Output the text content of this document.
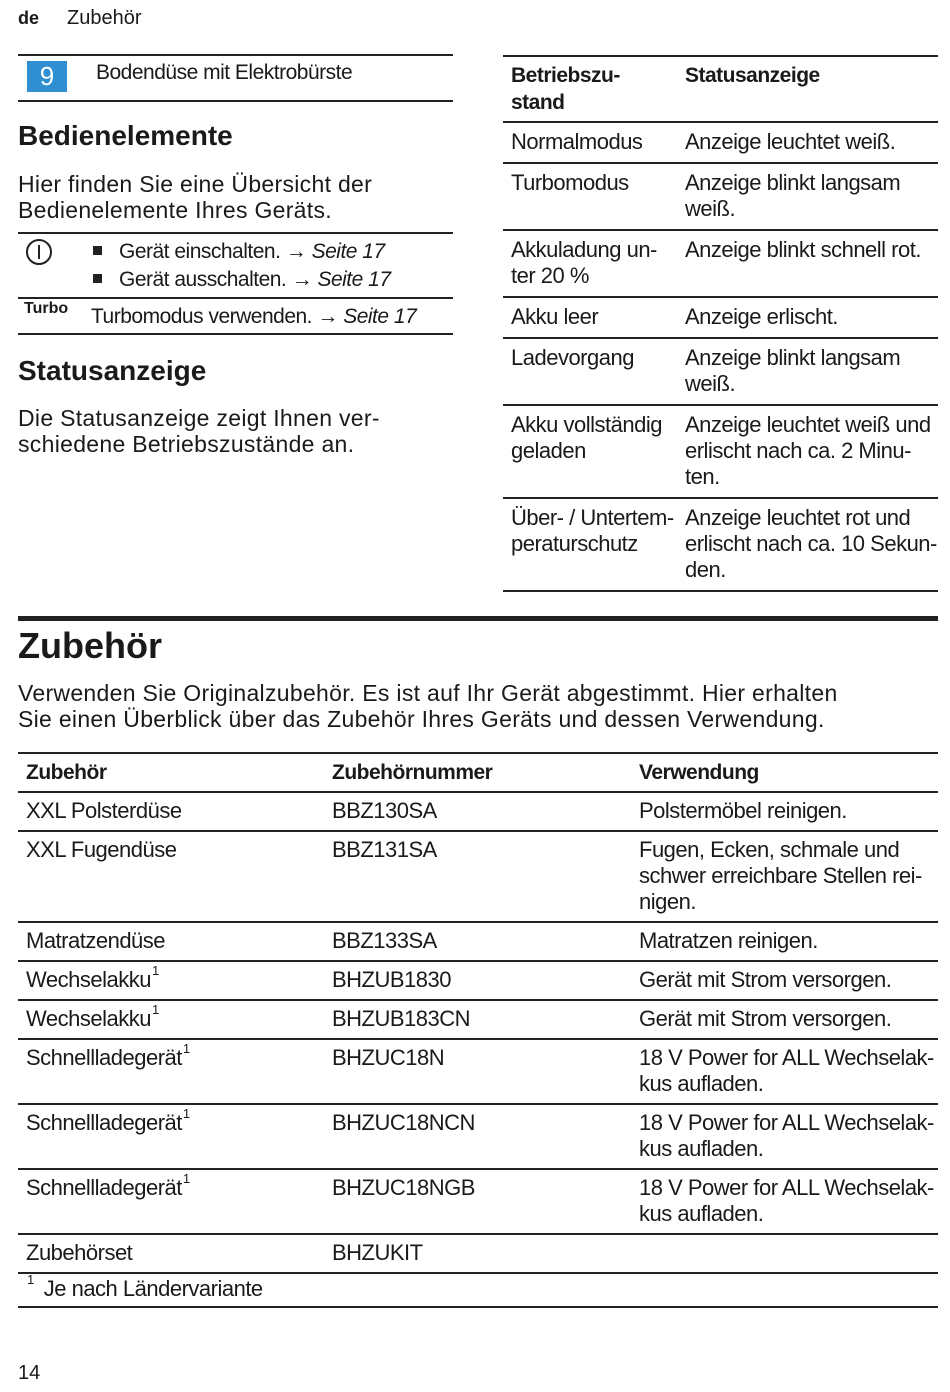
de Zubehör
9	Bodendüse mit Elektrobürste
Bedienelemente
Hier finden Sie eine Übersicht der
Bedienelemente Ihres Geräts.
Gerät einschalten. → Seite 17
Gerät ausschalten. → Seite 17
Turbo Turbomodus verwenden. → Seite 17
Statusanzeige
Die Statusanzeige zeigt Ihnen ver-
schiedene Betriebszustände an.
Betriebszu-
stand	Statusanzeige
Normalmodus	Anzeige leuchtet weiß.
Turbomodus	Anzeige blinkt langsam
weiß.
Akkuladung un-
ter 20 %	Anzeige blinkt schnell rot.
Akku leer	Anzeige erlischt.
Ladevorgang	Anzeige blinkt langsam
weiß.
Akku vollständig
geladen	Anzeige leuchtet weiß und
erlischt nach ca. 2 Minu-
ten.
Über- / Untertem-
peraturschutz	Anzeige leuchtet rot und
erlischt nach ca. 10 Sekun-
den.
Zubehör
Verwenden Sie Originalzubehör. Es ist auf Ihr Gerät abgestimmt. Hier erhalten
Sie einen Überblick über das Zubehör Ihres Geräts und dessen Verwendung.
Zubehör	Zubehörnummer	Verwendung
XXL Polsterdüse	BBZ130SA	Polstermöbel reinigen.
XXL Fugendüse	BBZ131SA	Fugen, Ecken, schmale und
schwer erreichbare Stellen rei-
nigen.
Matratzendüse	BBZ133SA	Matratzen reinigen.
Wechselakku$^1$	BHZUB1830	Gerät mit Strom versorgen.
Wechselakku$^1$	BHZUB183CN	Gerät mit Strom versorgen.
Schnellladegerät$^1$	BHZUC18N	18 V Power for ALL Wechselak-
kus aufladen.
Schnellladegerät$^1$	BHZUC18NCN	18 V Power for ALL Wechselak-
kus aufladen.
Schnellladegerät$^1$	BHZUC18NGB	18 V Power for ALL Wechselak-
kus aufladen.
Zubehörset	BHZUKIT	
$^1$ Je nach Ländervariante		
14
